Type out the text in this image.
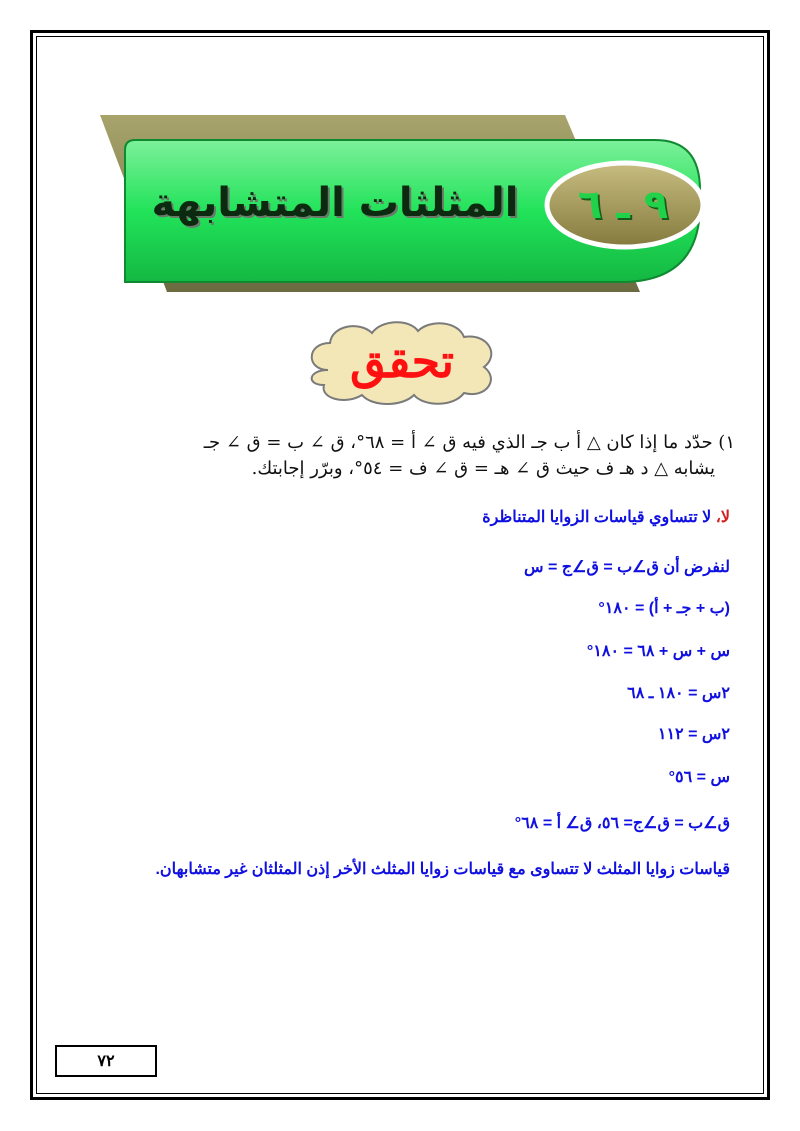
٩ ـ ٦
المثلثات المتشابهة
تحقق
١) حدّد ما إذا كان △ أ ب جـ الذي فيه ق ∠ أ = ٦٨°، ق ∠ ب = ق ∠ جـ
يشابه △ د هـ ف حيث ق ∠ هـ = ق ∠ ف = ٥٤°، وبرّر إجابتك.
لا، لا تتساوي قياسات الزوايا المتناظرة
لنفرض أن ق∠ب = ق∠ج = س
(ب + جـ + أ) = ١٨٠°
س + س + ٦٨ = ١٨٠°
٢س = ١٨٠ ـ ٦٨
٢س = ١١٢
س = ٥٦°
ق∠ب = ق∠ج= ٥٦، ق∠ أ = ٦٨°
قياسات زوايا المثلث لا تتساوى مع قياسات زوايا المثلث الأخر إذن المثلثان غير متشابهان.
٧٢
